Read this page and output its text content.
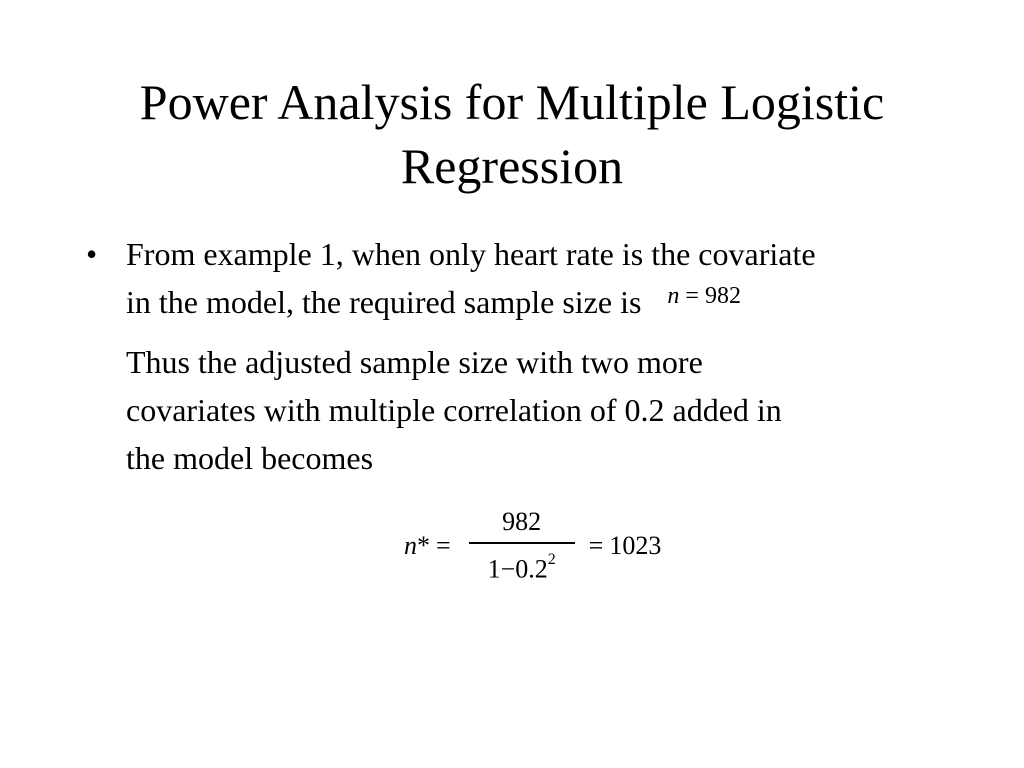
Power Analysis for Multiple Logistic
Regression
• From example 1, when only heart rate is the covariate
in the model, the required sample size is n = 982
Thus the adjusted sample size with two more
covariates with multiple correlation of 0.2 added in
the model becomes
n * = $\frac{982}{1-0.2^2} = 1023$
